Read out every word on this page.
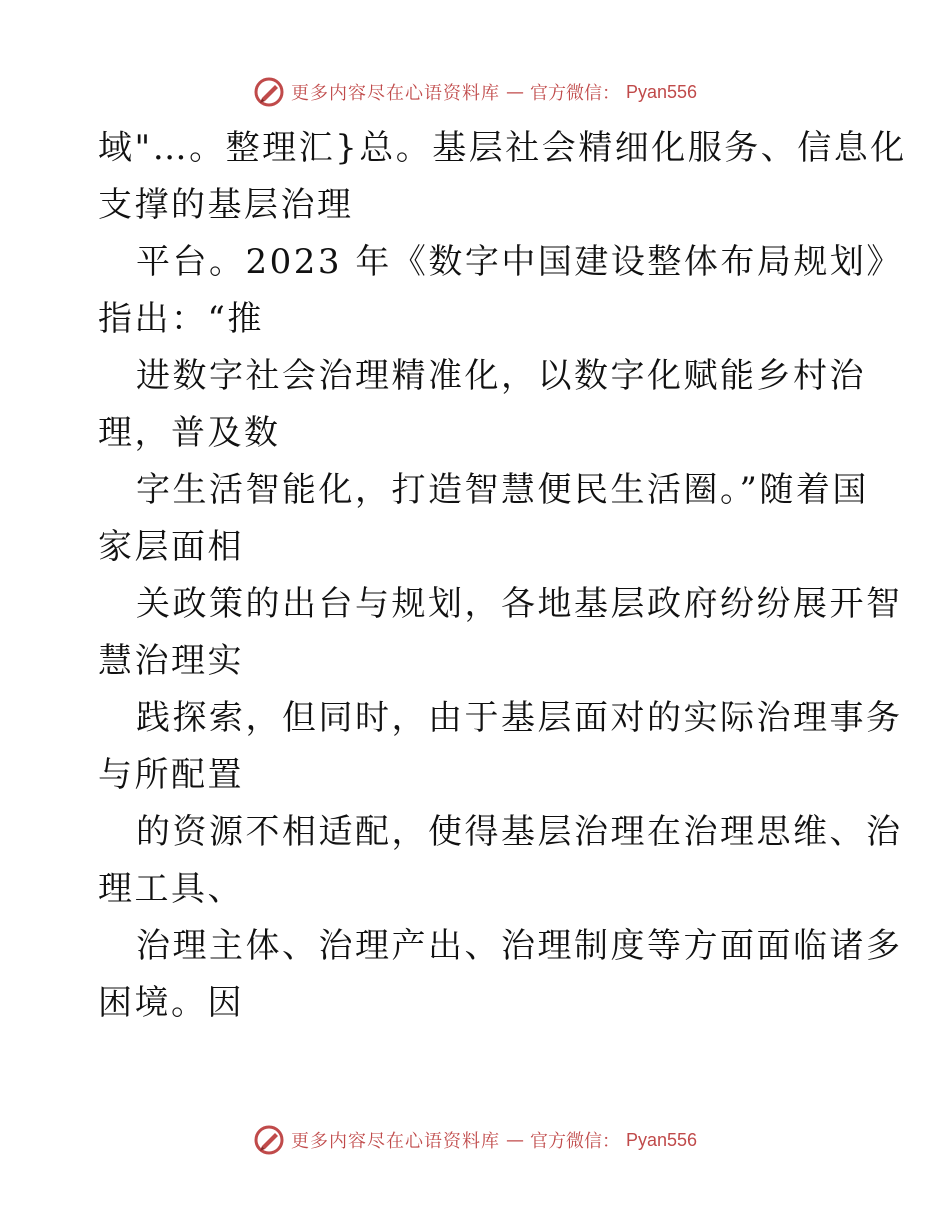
更多内容尽在心语资料库 — 官方微信： Pyan556
域"…。整理汇}总。基层社会精细化服务、信息化
支撑的基层治理
平台。2023 年《数字中国建设整体布局规划》
指出：“推
进数字社会治理精准化，以数字化赋能乡村治
理，普及数
字生活智能化，打造智慧便民生活圈。”随着国
家层面相
关政策的出台与规划，各地基层政府纷纷展开智
慧治理实
践探索，但同时，由于基层面对的实际治理事务
与所配置
的资源不相适配，使得基层治理在治理思维、治
理工具、
治理主体、治理产出、治理制度等方面面临诸多
困境。因
更多内容尽在心语资料库 — 官方微信： Pyan556
